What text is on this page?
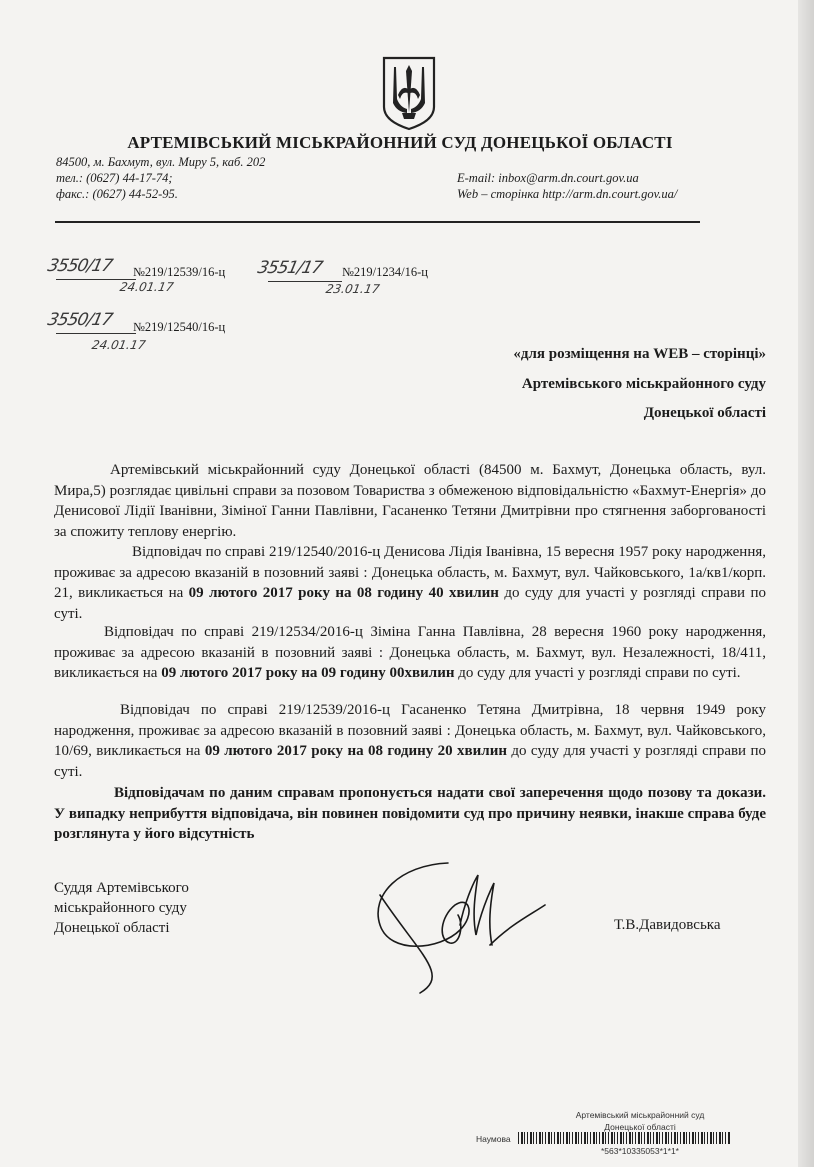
АРТЕМІВСЬКИЙ МІСЬКРАЙОННИЙ СУД ДОНЕЦЬКОЇ ОБЛАСТІ
84500, м. Бахмут, вул. Миру 5, каб. 202
тел.: (0627) 44-17-74;
факс.: (0627) 44-52-95.
E-mail: inbox@arm.dn.court.gov.ua
Web – сторінка http://arm.dn.court.gov.ua/
3550/17 №219/12539/16-ц
24.01.17
3551/17 №219/1234/16-ц
23.01.17
3550/17 №219/12540/16-ц
24.01.17
«для розміщення на WEB – сторінці»
Артемівського міськрайонного суду
Донецької області
Артемівський міськрайонний суду Донецької області (84500 м. Бахмут, Донецька область, вул. Мира,5) розглядає цивільні справи за позовом Товариства з обмеженою відповідальністю «Бахмут-Енергія» до Денисової Лідії Іванівни, Зіміної Ганни Павлівни, Гасаненко Тетяни Дмитрівни про стягнення заборгованості за спожиту теплову енергію.
Відповідач по справі 219/12540/2016-ц Денисова Лідія Іванівна, 15 вересня 1957 року народження, проживає за адресою вказаній в позовний заяві : Донецька область, м. Бахмут, вул. Чайковського, 1а/кв1/корп. 21, викликається на 09 лютого 2017 року на 08 годину 40 хвилин до суду для участі у розгляді справи по суті.
Відповідач по справі 219/12534/2016-ц Зіміна Ганна Павлівна, 28 вересня 1960 року народження, проживає за адресою вказаній в позовний заяві : Донецька область, м. Бахмут, вул. Незалежності, 18/411, викликається на 09 лютого 2017 року на 09 годину 00хвилин до суду для участі у розгляді справи по суті.
Відповідач по справі 219/12539/2016-ц Гасаненко Тетяна Дмитрівна, 18 червня 1949 року народження, проживає за адресою вказаній в позовний заяві : Донецька область, м. Бахмут, вул. Чайковського, 10/69, викликається на 09 лютого 2017 року на 08 годину 20 хвилин до суду для участі у розгляді справи по суті.
Відповідачам по даним справам пропонується надати свої заперечення щодо позову та докази. У випадку неприбуття відповідача, він повинен повідомити суд про причину неявки, інакше справа буде розглянута у його відсутність
Суддя Артемівського
міськрайонного суду
Донецької області	Т.В.Давидовська
Артемівський міськрайонний суд
Донецької області
Наумова
*563*10335053*1*1*
